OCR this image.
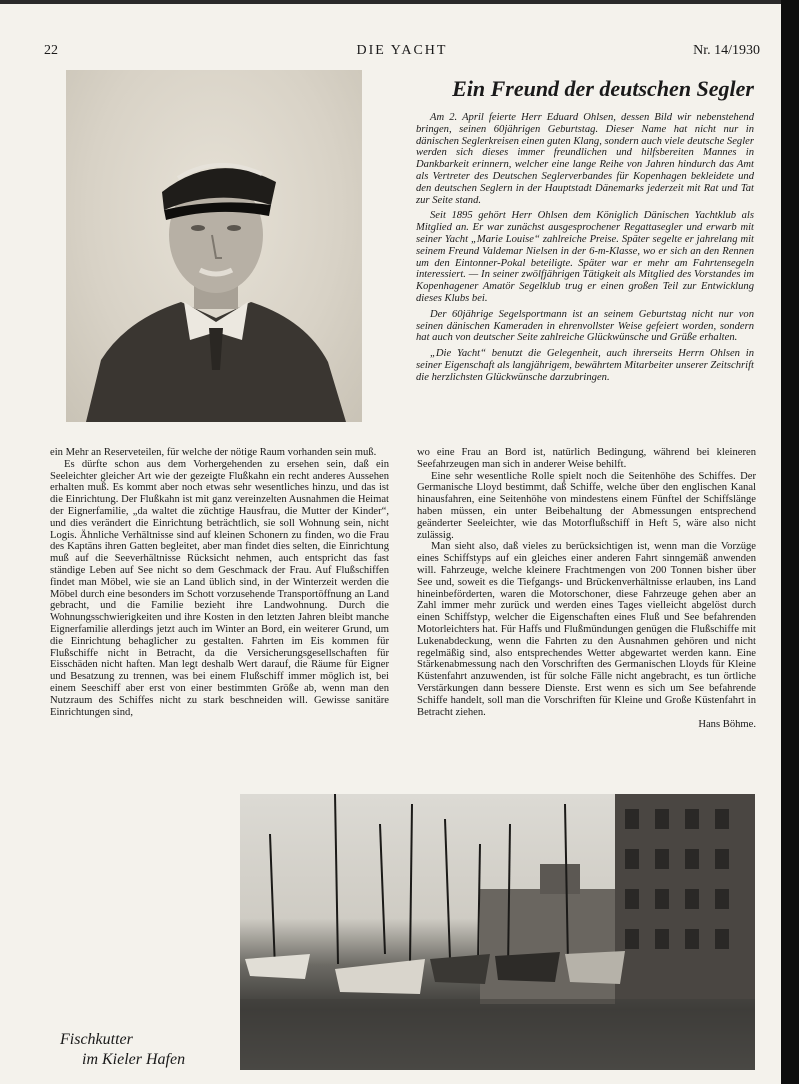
22	DIE YACHT	Nr. 14/1930
Ein Freund der deutschen Segler

Am 2. April feierte Herr Eduard Ohlsen, dessen Bild wir nebenstehend bringen, seinen 60jährigen Geburtstag. Dieser Name hat nicht nur in dänischen Seglerkreisen einen guten Klang, sondern auch viele deutsche Segler werden sich dieses immer freundlichen und hilfsbereiten Mannes in Dankbarkeit erinnern, welcher eine lange Reihe von Jahren hindurch das Amt als Vertreter des Deutschen Seglerverbandes für Kopenhagen bekleidete und den deutschen Seglern in der Hauptstadt Dänemarks jederzeit mit Rat und Tat zur Seite stand.

Seit 1895 gehört Herr Ohlsen dem Königlich Dänischen Yachtklub als Mitglied an. Er war zunächst ausgesprochener Regattasegler und erwarb mit seiner Yacht „Marie Louise“ zahlreiche Preise. Später segelte er jahrelang mit seinem Freund Valdemar Nielsen in der 6-m-Klasse, wo er sich an den Rennen um den Eintonner-Pokal beteiligte. Später war er mehr am Fahrtensegeln interessiert. — In seiner zwölfjährigen Tätigkeit als Mitglied des Vorstandes im Kopenhagener Amatör Segelklub trug er einen großen Teil zur Entwicklung dieses Klubs bei.

Der 60jährige Segelsportmann ist an seinem Geburtstag nicht nur von seinen dänischen Kameraden in ehrenvollster Weise gefeiert worden, sondern hat auch von deutscher Seite zahlreiche Glückwünsche und Grüße erhalten.

„Die Yacht“ benutzt die Gelegenheit, auch ihrerseits Herrn Ohlsen in seiner Eigenschaft als langjährigem, bewährtem Mitarbeiter unserer Zeitschrift die herzlichsten Glückwünsche darzubringen.

ein Mehr an Reserveteilen, für welche der nötige Raum vorhanden sein muß.

Es dürfte schon aus dem Vorhergehenden zu ersehen sein, daß ein Seeleichter gleicher Art wie der gezeigte Flußkahn ein recht anderes Aussehen erhalten muß. Es kommt aber noch etwas sehr wesentliches hinzu, und das ist die Einrichtung. Der Flußkahn ist mit ganz vereinzelten Ausnahmen die Heimat der Eignerfamilie, „da waltet die züchtige Hausfrau, die Mutter der Kinder“, und dies verändert die Einrichtung beträchtlich, sie soll Wohnung sein, nicht Logis. Ähnliche Verhältnisse sind auf kleinen Schonern zu finden, wo die Frau des Kaptäns ihren Gatten begleitet, aber man findet dies selten, die Einrichtung muß auf die Seeverhältnisse Rücksicht nehmen, auch entspricht das fast ständige Leben auf See nicht so dem Geschmack der Frau. Auf Flußschiffen findet man Möbel, wie sie an Land üblich sind, in der Winterzeit werden die Möbel durch eine besonders im Schott vorzusehende Transportöffnung an Land gebracht, und die Familie bezieht ihre Landwohnung. Durch die Wohnungsschwierigkeiten und ihre Kosten in den letzten Jahren bleibt manche Eignerfamilie allerdings jetzt auch im Winter an Bord, ein weiterer Grund, um die Einrichtung behaglicher zu gestalten. Fahrten im Eis kommen für Flußschiffe nicht in Betracht, da die Versicherungsgesellschaften für Eisschäden nicht haften. Man legt deshalb Wert darauf, die Räume für Eigner und Besatzung zu trennen, was bei einem Flußschiff immer möglich ist, bei einem Seeschiff aber erst von einer bestimmten Größe ab, wenn man den Nutzraum des Schiffes nicht zu stark beschneiden will. Gewisse sanitäre Einrichtungen sind,

wo eine Frau an Bord ist, natürlich Bedingung, während bei kleineren Seefahrzeugen man sich in anderer Weise behilft.

Eine sehr wesentliche Rolle spielt noch die Seitenhöhe des Schiffes. Der Germanische Lloyd bestimmt, daß Schiffe, welche über den englischen Kanal hinausfahren, eine Seitenhöhe von mindestens einem Fünftel der Schiffslänge haben müssen, ein unter Beibehaltung der Abmessungen entsprechend geänderter Seeleichter, wie das Motorflußschiff in Heft 5, wäre also nicht zulässig.

Man sieht also, daß vieles zu berücksichtigen ist, wenn man die Vorzüge eines Schiffstyps auf ein gleiches einer anderen Fahrt sinngemäß anwenden will. Fahrzeuge, welche kleinere Frachtmengen von 200 Tonnen bisher über See und, soweit es die Tiefgangs- und Brückenverhältnisse erlauben, ins Land hineinbeförderten, waren die Motorschoner, diese Fahrzeuge gehen aber an Zahl immer mehr zurück und werden eines Tages vielleicht abgelöst durch einen Schiffstyp, welcher die Eigenschaften eines Fluß und See befahrenden Motorleichters hat. Für Haffs und Flußmündungen genügen die Flußschiffe mit Lukenabdeckung, wenn die Fahrten zu den Ausnahmen gehören und nicht regelmäßig sind, also entsprechendes Wetter abgewartet werden kann. Eine Stärkenabmessung nach den Vorschriften des Germanischen Lloyds für Kleine Küstenfahrt anzuwenden, ist für solche Fälle nicht angebracht, es tun örtliche Verstärkungen dann bessere Dienste. Erst wenn es sich um See befahrende Schiffe handelt, soll man die Vorschriften für Kleine und Große Küstenfahrt in Betracht ziehen.

Hans Böhme.
Fischkutter
im Kieler Hafen
